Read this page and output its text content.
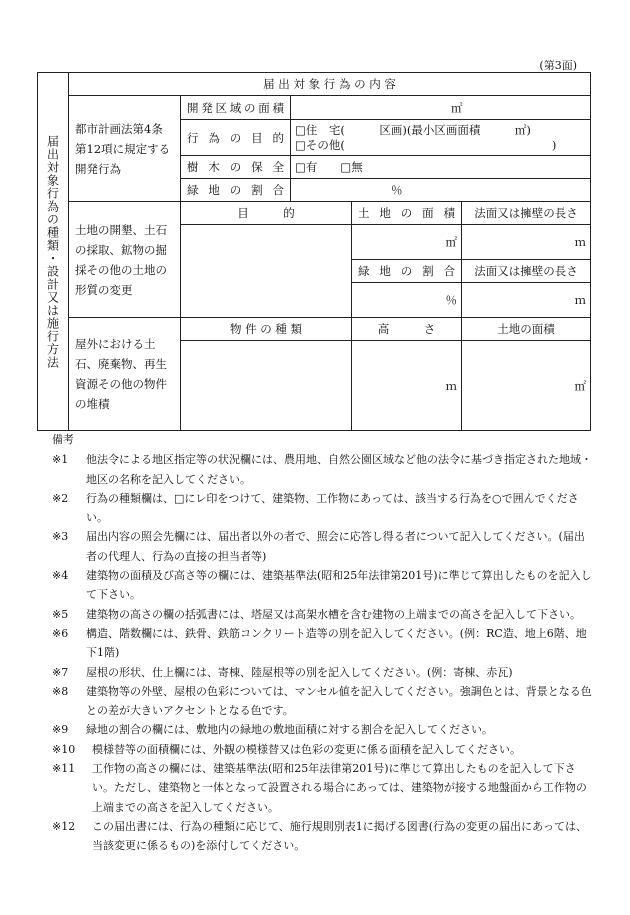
(第3面)
届出対象行為の種類・設計又は施行方法	届 出 対 象 行 為 の 内 容				
	都市計画法第4条第12項に規定する開発行為	開発区域の面積	㎡		
		行 為 の 目 的	□住　宅(　　　区画)(最小区画面積　　　㎡)
□その他(　　　　　　　　　　　　　　　　　　)		

		樹 木 の 保 全	□有　　□無		
		緑 地 の 割 合	％		
	土地の開墾、土石の採取、鉱物の掘採その他の土地の形質の変更	目　　　的		土 地 の 面 積	法面又は擁壁の長さ
				㎡	ｍ
				緑 地 の 割 合	法面又は擁壁の長さ
				％	ｍ
	屋外における土石、廃棄物、再生資源その他の物件の堆積	物 件 の 種 類		高　　　さ	土地の面積
				ｍ	㎡
備考
※1	他法令による地区指定等の状況欄には、農用地、自然公園区域など他の法令に基づき指定された地域・地区の名称を記入してください。
※2	行為の種類欄は、□にレ印をつけて、建築物、工作物にあっては、該当する行為を○で囲んでください。
※3	届出内容の照会先欄には、届出者以外の者で、照会に応答し得る者について記入してください。(届出者の代理人、行為の直接の担当者等)
※4	建築物の面積及び高さ等の欄には、建築基準法(昭和25年法律第201号)に準じて算出したものを記入して下さい。
※5	建築物の高さの欄の括弧書には、塔屋又は高架水槽を含む建物の上端までの高さを記入して下さい。
※6	構造、階数欄には、鉄骨、鉄筋コンクリート造等の別を記入してください。(例：RC造、地上6階、地下1階)
※7	屋根の形状、仕上欄には、寄棟、陸屋根等の別を記入してください。(例：寄棟、赤瓦)
※8	建築物等の外壁、屋根の色彩については、マンセル値を記入してください。強調色とは、背景となる色との差が大きいアクセントとなる色です。
※9	緑地の割合の欄には、敷地内の緑地の敷地面積に対する割合を記入してください。
※10	模様替等の面積欄には、外観の模様替又は色彩の変更に係る面積を記入してください。
※11	工作物の高さの欄には、建築基準法(昭和25年法律第201号)に準じて算出したものを記入して下さい。ただし、建築物と一体となって設置される場合にあっては、建築物が接する地盤面から工作物の上端までの高さを記入してください。
※12	この届出書には、行為の種類に応じて、施行規則別表1に掲げる図書(行為の変更の届出にあっては、当該変更に係るもの)を添付してください。
